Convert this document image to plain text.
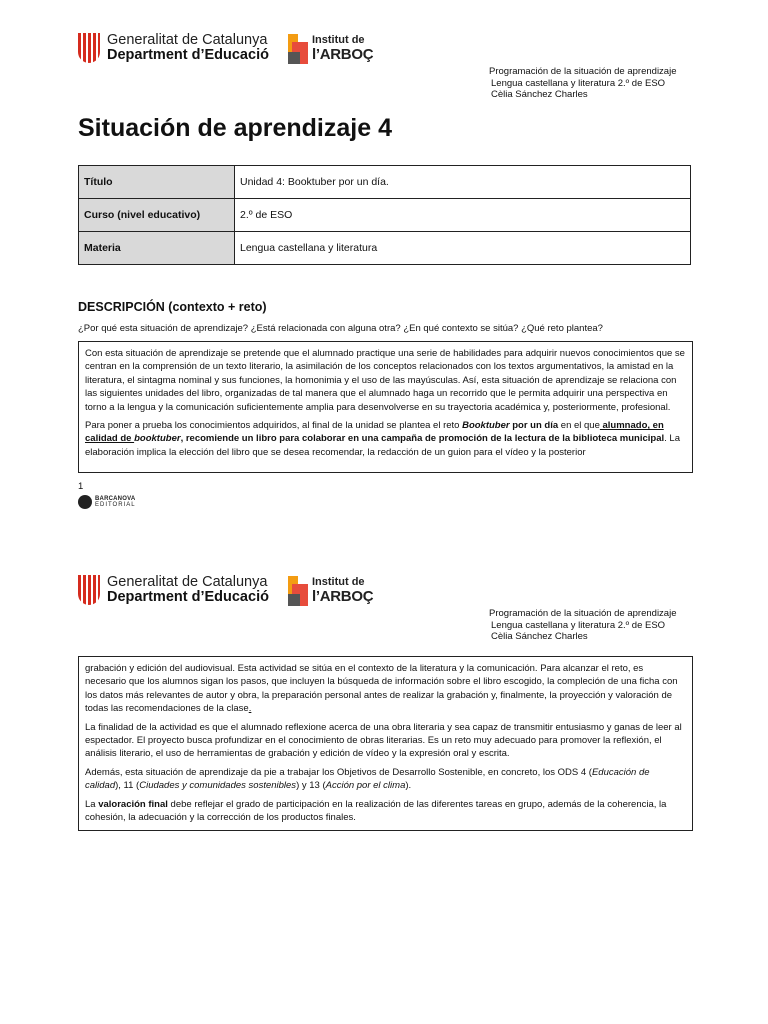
Generalitat de Catalunya
Department d’Educació
Institut de
l’ARBOÇ
Programación de la situación de aprendizaje
Lengua castellana y literatura 2.º de ESO
Cèlia Sánchez Charles
Situación de aprendizaje 4
Título	Unidad 4: Booktuber por un día.
Curso (nivel educativo)	2.º de ESO
Materia	Lengua castellana y literatura
DESCRIPCIÓN (contexto + reto)
¿Por qué esta situación de aprendizaje? ¿Está relacionada con alguna otra? ¿En qué contexto se sitúa? ¿Qué reto plantea?

Con esta situación de aprendizaje se pretende que el alumnado practique una serie de habilidades para adquirir nuevos conocimientos que se centran en la comprensión de un texto literario, la asimilación de los conceptos relacionados con los textos argumentativos, la amistad en la literatura, el sintagma nominal y sus funciones, la homonimia y el uso de las mayúsculas. Así, esta situación de aprendizaje se relaciona con las siguientes unidades del libro, organizadas de tal manera que el alumnado haga un recorrido que le permita adquirir una perspectiva en torno a la lengua y la comunicación suficientemente amplia para desenvolverse en su trayectoria académica y, posteriormente, profesional.

Para poner a prueba los conocimientos adquiridos, al final de la unidad se plantea el reto Booktuber por un día en el que alumnado, en calidad de booktuber, recomiende un libro para colaborar en una campaña de promoción de la lectura de la biblioteca municipal. La elaboración implica la elección del libro que se desea recomendar, la redacción de un guion para el vídeo y la posterior

1
BARCANOVA
EDITORIAL
Generalitat de Catalunya
Department d’Educació
Institut de
l’ARBOÇ
Programación de la situación de aprendizaje
Lengua castellana y literatura 2.º de ESO
Cèlia Sánchez Charles

grabación y edición del audiovisual. Esta actividad se sitúa en el contexto de la literatura y la comunicación. Para alcanzar el reto, es necesario que los alumnos sigan los pasos, que incluyen la búsqueda de información sobre el libro escogido, la compleción de una ficha con los datos más relevantes de autor y obra, la preparación personal antes de realizar la grabación y, finalmente, la proyección y valoración de todas las recomendaciones de la clase.

La finalidad de la actividad es que el alumnado reflexione acerca de una obra literaria y sea capaz de transmitir entusiasmo y ganas de leer al espectador. El proyecto busca profundizar en el conocimiento de obras literarias. Es un reto muy adecuado para promover la reflexión, el análisis literario, el uso de herramientas de grabación y edición de vídeo y la expresión oral y escrita.

Además, esta situación de aprendizaje da pie a trabajar los Objetivos de Desarrollo Sostenible, en concreto, los ODS 4 (Educación de calidad), 11 (Ciudades y comunidades sostenibles) y 13 (Acción por el clima).

La valoración final debe reflejar el grado de participación en la realización de las diferentes tareas en grupo, además de la coherencia, la cohesión, la adecuación y la corrección de los productos finales.
